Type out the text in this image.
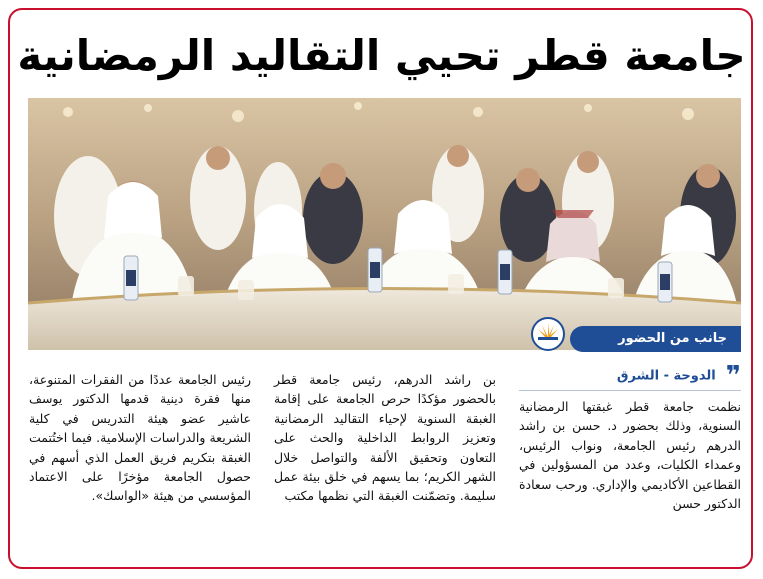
جامعة قطر تحيي التقاليد الرمضانية
جانب من الحضور
❞الدوحة - الشرق

نظمت جامعة قطر غبقتها الرمضانية السنوية، وذلك بحضور د. حسن بن راشد الدرهم رئيس الجامعة، ونواب الرئيس، وعمداء الكليات، وعدد من المسؤولين في القطاعين الأكاديمي والإداري. ورحب سعادة الدكتور حسن

بن راشد الدرهم، رئيس جامعة قطر بالحضور مؤكدًا حرص الجامعة على إقامة الغبقة السنوية لإحياء التقاليد الرمضانية وتعزيز الروابط الداخلية والحث على التعاون وتحقيق الألفة والتواصل خلال الشهر الكريم؛ بما يسهم في خلق بيئة عمل سليمة. وتضمّنت الغبقة التي نظمها مكتب

رئيس الجامعة عددًا من الفقرات المتنوعة، منها فقرة دينية قدمها الدكتور يوسف عاشير عضو هيئة التدريس في كلية الشريعة والدراسات الإسلامية. فيما اختُتمت الغبقة بتكريم فريق العمل الذي أسهم في حصول الجامعة مؤخرًا على الاعتماد المؤسسي من هيئة «الواسك».
